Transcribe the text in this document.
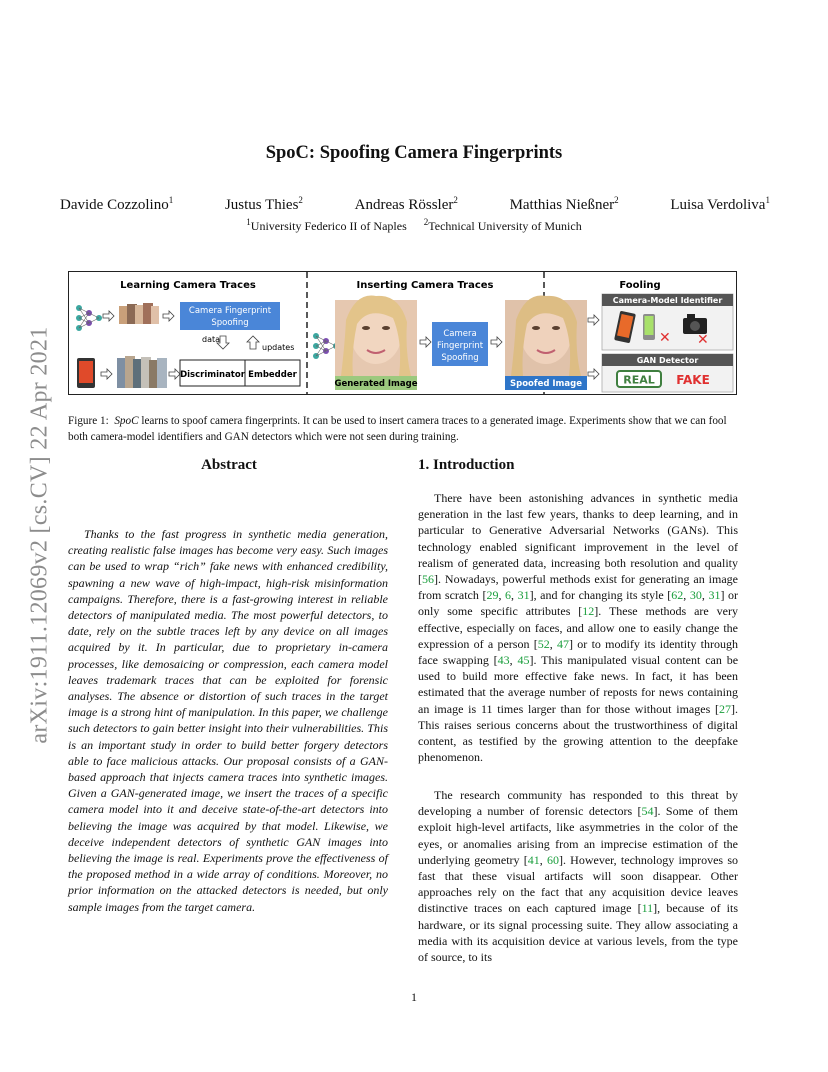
SpoC: Spoofing Camera Fingerprints
Davide Cozzolino$^1$	Justus Thies$^2$	Andreas Rössler$^2$	Matthias Nießner$^2$	Luisa Verdoliva$^1$
$^1$University Federico II of Naples $^2$Technical University of Munich
arXiv:1911.12069v2 [cs.CV] 22 Apr 2021
Learning Camera Traces	Inserting Camera Traces	Fooling
Camera Fingerprint
Spoofing
data
updates
Discriminator Embedder
Generated Image
Camera
Fingerprint
Spoofing
Spoofed Image
Camera-Model Identifier
✕ ✕
GAN Detector
REAL FAKE
Figure 1: SpoC learns to spoof camera fingerprints. It can be used to insert camera traces to a generated image. Experiments show that we can fool both camera-model identifiers and GAN detectors which were not seen during training.
Abstract
Thanks to the fast progress in synthetic media generation, creating realistic false images has become very easy. Such images can be used to wrap “rich” fake news with enhanced credibility, spawning a new wave of high-impact, high-risk misinformation campaigns. Therefore, there is a fast-growing interest in reliable detectors of manipulated media. The most powerful detectors, to date, rely on the subtle traces left by any device on all images acquired by it. In particular, due to proprietary in-camera processes, like demosaicing or compression, each camera model leaves trademark traces that can be exploited for forensic analyses. The absence or distortion of such traces in the target image is a strong hint of manipulation. In this paper, we challenge such detectors to gain better insight into their vulnerabilities. This is an important study in order to build better forgery detectors able to face malicious attacks. Our proposal consists of a GAN-based approach that injects camera traces into synthetic images. Given a GAN-generated image, we insert the traces of a specific camera model into it and deceive state-of-the-art detectors into believing the image was acquired by that model. Likewise, we deceive independent detectors of synthetic GAN images into believing the image is real. Experiments prove the effectiveness of the proposed method in a wide array of conditions. Moreover, no prior information on the attacked detectors is needed, but only sample images from the target camera.
1. Introduction
There have been astonishing advances in synthetic media generation in the last few years, thanks to deep learning, and in particular to Generative Adversarial Networks (GANs). This technology enabled significant improvement in the level of realism of generated data, increasing both resolution and quality [56]. Nowadays, powerful methods exist for generating an image from scratch [29, 6, 31], and for changing its style [62, 30, 31] or only some specific attributes [12]. These methods are very effective, especially on faces, and allow one to easily change the expression of a person [52, 47] or to modify its identity through face swapping [43, 45]. This manipulated visual content can be used to build more effective fake news. In fact, it has been estimated that the average number of reposts for news containing an image is 11 times larger than for those without images [27]. This raises serious concerns about the trustworthiness of digital content, as testified by the growing attention to the deepfake phenomenon.
The research community has responded to this threat by developing a number of forensic detectors [54]. Some of them exploit high-level artifacts, like asymmetries in the color of the eyes, or anomalies arising from an imprecise estimation of the underlying geometry [41, 60]. However, technology improves so fast that these visual artifacts will soon disappear. Other approaches rely on the fact that any acquisition device leaves distinctive traces on each captured image [11], because of its hardware, or its signal processing suite. They allow associating a media with its acquisition device at various levels, from the type of source, to its
1
